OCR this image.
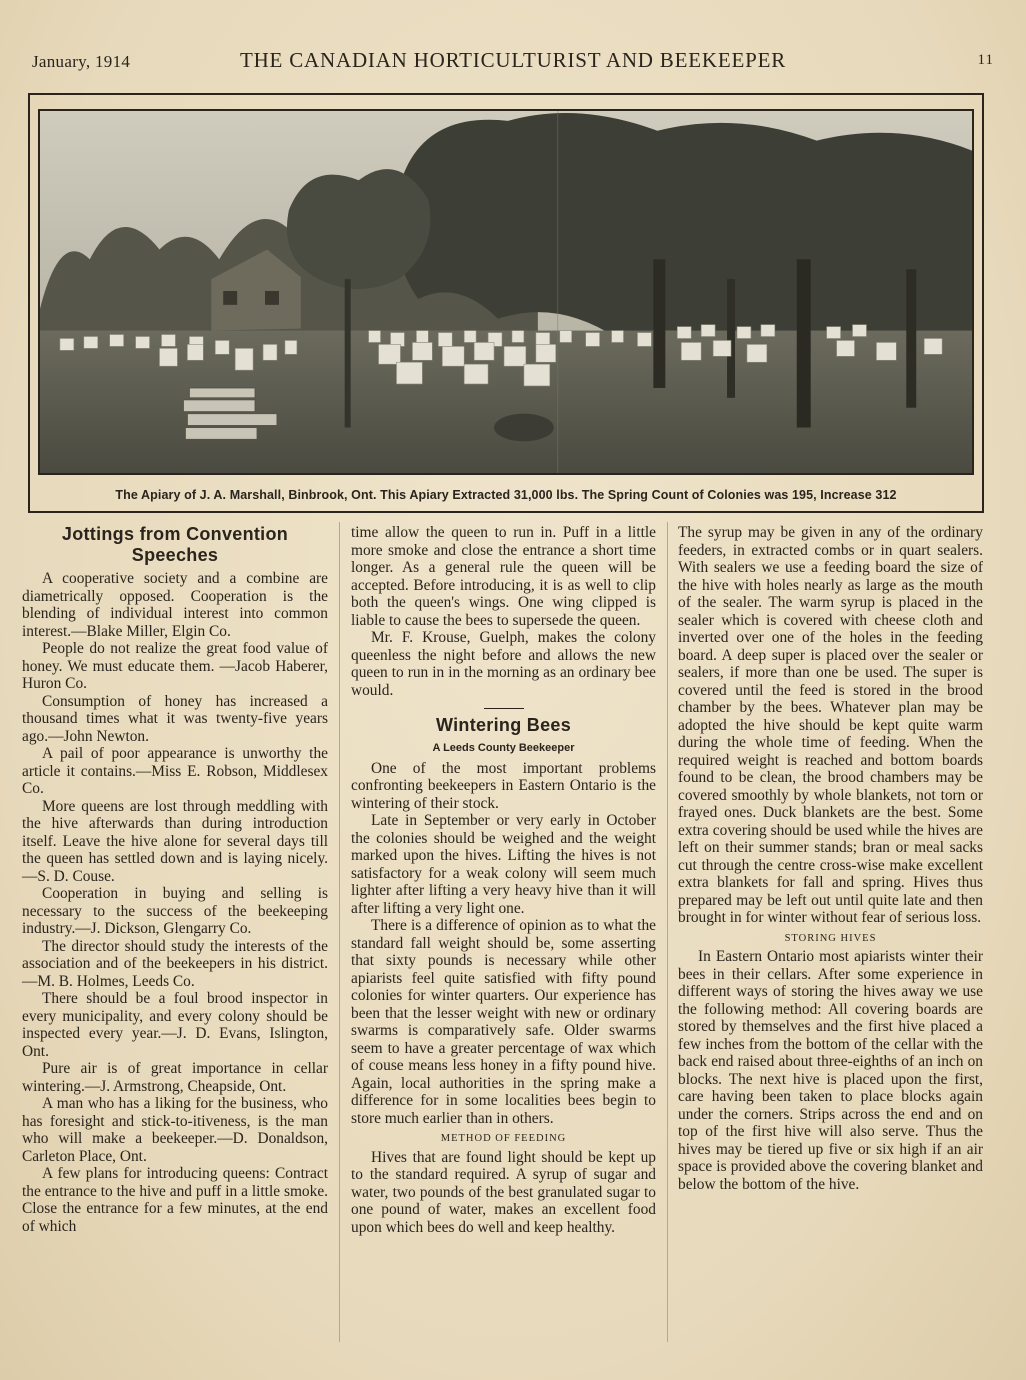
January, 1914	THE CANADIAN HORTICULTURIST AND BEEKEEPER	11
The Apiary of J. A. Marshall, Binbrook, Ont. This Apiary Extracted 31,000 lbs. The Spring Count of Colonies was 195, Increase 312
Jottings from Convention Speeches

A cooperative society and a combine are diametrically opposed. Cooperation is the blending of individual interest into common interest.—Blake Miller, Elgin Co.

People do not realize the great food value of honey. We must educate them. —Jacob Haberer, Huron Co.

Consumption of honey has increased a thousand times what it was twenty-five years ago.—John Newton.

A pail of poor appearance is unworthy the article it contains.—Miss E. Robson, Middlesex Co.

More queens are lost through meddling with the hive afterwards than during introduction itself. Leave the hive alone for several days till the queen has settled down and is laying nicely.—S. D. Couse.

Cooperation in buying and selling is necessary to the success of the beekeeping industry.—J. Dickson, Glengarry Co.

The director should study the interests of the association and of the beekeepers in his district.—M. B. Holmes, Leeds Co.

There should be a foul brood inspector in every municipality, and every colony should be inspected every year.—J. D. Evans, Islington, Ont.

Pure air is of great importance in cellar wintering.—J. Armstrong, Cheapside, Ont.

A man who has a liking for the business, who has foresight and stick-to-itiveness, is the man who will make a beekeeper.—D. Donaldson, Carleton Place, Ont.

A few plans for introducing queens: Contract the entrance to the hive and puff in a little smoke. Close the entrance for a few minutes, at the end of which

time allow the queen to run in. Puff in a little more smoke and close the entrance a short time longer. As a general rule the queen will be accepted. Before introducing, it is as well to clip both the queen's wings. One wing clipped is liable to cause the bees to supersede the queen.

Mr. F. Krouse, Guelph, makes the colony queenless the night before and allows the new queen to run in in the morning as an ordinary bee would.

Wintering Bees
A Leeds County Beekeeper

One of the most important problems confronting beekeepers in Eastern Ontario is the wintering of their stock.

Late in September or very early in October the colonies should be weighed and the weight marked upon the hives. Lifting the hives is not satisfactory for a weak colony will seem much lighter after lifting a very heavy hive than it will after lifting a very light one.

There is a difference of opinion as to what the standard fall weight should be, some asserting that sixty pounds is necessary while other apiarists feel quite satisfied with fifty pound colonies for winter quarters. Our experience has been that the lesser weight with new or ordinary swarms is comparatively safe. Older swarms seem to have a greater percentage of wax which of couse means less honey in a fifty pound hive. Again, local authorities in the spring make a difference for in some localities bees begin to store much earlier than in others.

METHOD OF FEEDING

Hives that are found light should be kept up to the standard required. A syrup of sugar and water, two pounds of the best granulated sugar to one pound of water, makes an excellent food upon which bees do well and keep healthy.

The syrup may be given in any of the ordinary feeders, in extracted combs or in quart sealers. With sealers we use a feeding board the size of the hive with holes nearly as large as the mouth of the sealer. The warm syrup is placed in the sealer which is covered with cheese cloth and inverted over one of the holes in the feeding board. A deep super is placed over the sealer or sealers, if more than one be used. The super is covered until the feed is stored in the brood chamber by the bees. Whatever plan may be adopted the hive should be kept quite warm during the whole time of feeding. When the required weight is reached and bottom boards found to be clean, the brood chambers may be covered smoothly by whole blankets, not torn or frayed ones. Duck blankets are the best. Some extra covering should be used while the hives are left on their summer stands; bran or meal sacks cut through the centre cross-wise make excellent extra blankets for fall and spring. Hives thus prepared may be left out until quite late and then brought in for winter without fear of serious loss.

STORING HIVES

In Eastern Ontario most apiarists winter their bees in their cellars. After some experience in different ways of storing the hives away we use the following method: All covering boards are stored by themselves and the first hive placed a few inches from the bottom of the cellar with the back end raised about three-eighths of an inch on blocks. The next hive is placed upon the first, care having been taken to place blocks again under the corners. Strips across the end and on top of the first hive will also serve. Thus the hives may be tiered up five or six high if an air space is provided above the covering blanket and below the bottom of the hive.
